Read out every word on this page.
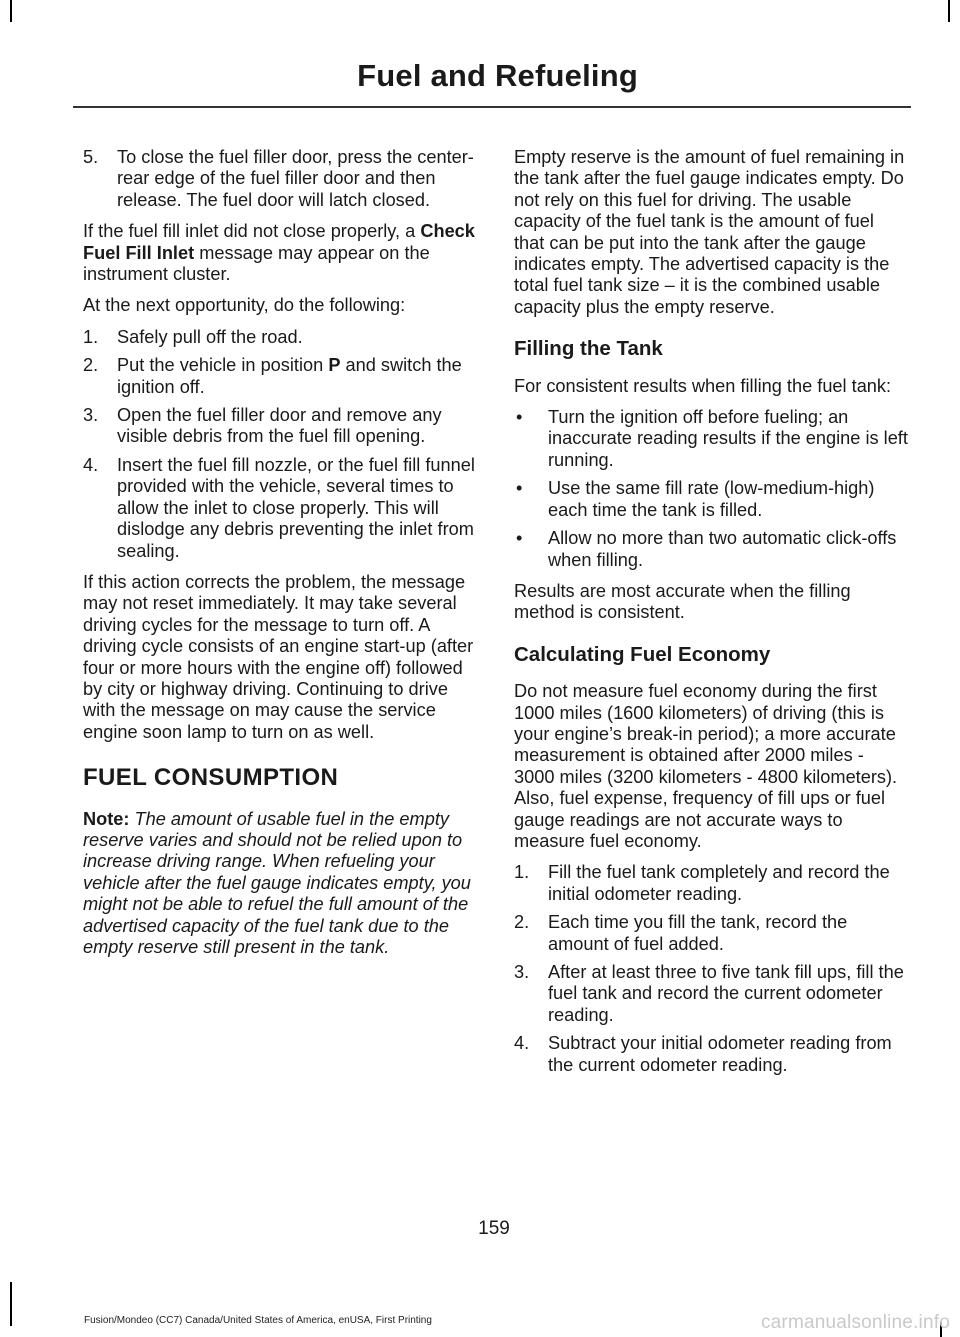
Fuel and Refueling
5. To close the fuel filler door, press the center-rear edge of the fuel filler door and then release. The fuel door will latch closed.

If the fuel fill inlet did not close properly, a Check Fuel Fill Inlet message may appear on the instrument cluster.

At the next opportunity, do the following:

1. Safely pull off the road.
2. Put the vehicle in position P and switch the ignition off.
3. Open the fuel filler door and remove any visible debris from the fuel fill opening.
4. Insert the fuel fill nozzle, or the fuel fill funnel provided with the vehicle, several times to allow the inlet to close properly. This will dislodge any debris preventing the inlet from sealing.

If this action corrects the problem, the message may not reset immediately. It may take several driving cycles for the message to turn off. A driving cycle consists of an engine start-up (after four or more hours with the engine off) followed by city or highway driving. Continuing to drive with the message on may cause the service engine soon lamp to turn on as well.

FUEL CONSUMPTION

Note: The amount of usable fuel in the empty reserve varies and should not be relied upon to increase driving range. When refueling your vehicle after the fuel gauge indicates empty, you might not be able to refuel the full amount of the advertised capacity of the fuel tank due to the empty reserve still present in the tank.

Empty reserve is the amount of fuel remaining in the tank after the fuel gauge indicates empty. Do not rely on this fuel for driving. The usable capacity of the fuel tank is the amount of fuel that can be put into the tank after the gauge indicates empty. The advertised capacity is the total fuel tank size – it is the combined usable capacity plus the empty reserve.

Filling the Tank

For consistent results when filling the fuel tank:

• Turn the ignition off before fueling; an inaccurate reading results if the engine is left running.
• Use the same fill rate (low-medium-high) each time the tank is filled.
• Allow no more than two automatic click-offs when filling.

Results are most accurate when the filling method is consistent.

Calculating Fuel Economy

Do not measure fuel economy during the first 1000 miles (1600 kilometers) of driving (this is your engine’s break-in period); a more accurate measurement is obtained after 2000 miles - 3000 miles (3200 kilometers - 4800 kilometers). Also, fuel expense, frequency of fill ups or fuel gauge readings are not accurate ways to measure fuel economy.

1. Fill the fuel tank completely and record the initial odometer reading.
2. Each time you fill the tank, record the amount of fuel added.
3. After at least three to five tank fill ups, fill the fuel tank and record the current odometer reading.
4. Subtract your initial odometer reading from the current odometer reading.
159
Fusion/Mondeo (CC7) Canada/United States of America, enUSA, First Printing	carmanualsonline.info
